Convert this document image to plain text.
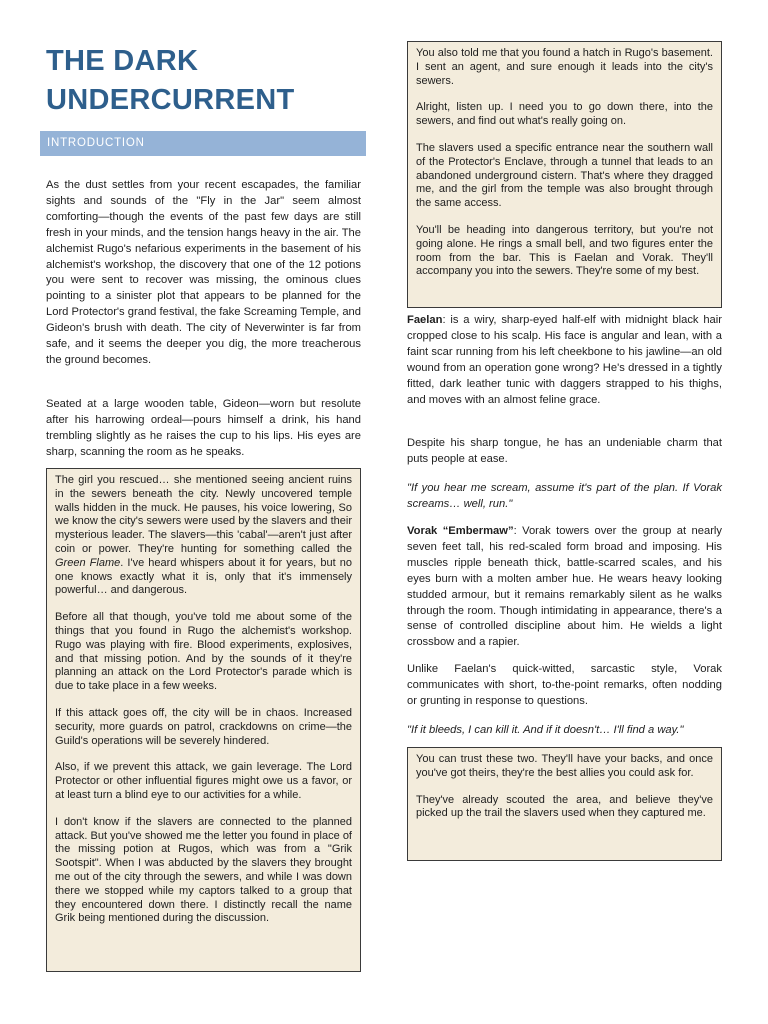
THE DARK
UNDERCURRENT
INTRODUCTION

As the dust settles from your recent escapades, the familiar sights and sounds of the "Fly in the Jar" seem almost comforting—though the events of the past few days are still fresh in your minds, and the tension hangs heavy in the air. The alchemist Rugo's nefarious experiments in the basement of his alchemist's workshop, the discovery that one of the 12 potions you were sent to recover was missing, the ominous clues pointing to a sinister plot that appears to be planned for the Lord Protector's grand festival, the fake Screaming Temple, and Gideon's brush with death. The city of Neverwinter is far from safe, and it seems the deeper you dig, the more treacherous the ground becomes.

Seated at a large wooden table, Gideon—worn but resolute after his harrowing ordeal—pours himself a drink, his hand trembling slightly as he raises the cup to his lips. His eyes are sharp, scanning the room as he speaks.

The girl you rescued… she mentioned seeing ancient ruins in the sewers beneath the city. Newly uncovered temple walls hidden in the muck. He pauses, his voice lowering, So we know the city's sewers were used by the slavers and their mysterious leader. The slavers—this 'cabal'—aren't just after coin or power. They're hunting for something called the Green Flame. I've heard whispers about it for years, but no one knows exactly what it is, only that it's immensely powerful… and dangerous.

Before all that though, you've told me about some of the things that you found in Rugo the alchemist's workshop. Rugo was playing with fire. Blood experiments, explosives, and that missing potion. And by the sounds of it they're planning an attack on the Lord Protector's parade which is due to take place in a few weeks.

If this attack goes off, the city will be in chaos. Increased security, more guards on patrol, crackdowns on crime—the Guild's operations will be severely hindered.

Also, if we prevent this attack, we gain leverage. The Lord Protector or other influential figures might owe us a favor, or at least turn a blind eye to our activities for a while.

I don't know if the slavers are connected to the planned attack. But you've showed me the letter you found in place of the missing potion at Rugos, which was from a "Grik Sootspit". When I was abducted by the slavers they brought me out of the city through the sewers, and while I was down there we stopped while my captors talked to a group that they encountered down there. I distinctly recall the name Grik being mentioned during the discussion.

You also told me that you found a hatch in Rugo's basement. I sent an agent, and sure enough it leads into the city's sewers.

Alright, listen up. I need you to go down there, into the sewers, and find out what's really going on.

The slavers used a specific entrance near the southern wall of the Protector's Enclave, through a tunnel that leads to an abandoned underground cistern. That's where they dragged me, and the girl from the temple was also brought through the same access.

You'll be heading into dangerous territory, but you're not going alone. He rings a small bell, and two figures enter the room from the bar. This is Faelan and Vorak. They'll accompany you into the sewers. They're some of my best.

Faelan: is a wiry, sharp-eyed half-elf with midnight black hair cropped close to his scalp. His face is angular and lean, with a faint scar running from his left cheekbone to his jawline—an old wound from an operation gone wrong? He's dressed in a tightly fitted, dark leather tunic with daggers strapped to his thighs, and moves with an almost feline grace.

Despite his sharp tongue, he has an undeniable charm that puts people at ease.

"If you hear me scream, assume it's part of the plan. If Vorak screams… well, run."

Vorak “Embermaw”: Vorak towers over the group at nearly seven feet tall, his red-scaled form broad and imposing. His muscles ripple beneath thick, battle-scarred scales, and his eyes burn with a molten amber hue. He wears heavy looking studded armour, but it remains remarkably silent as he walks through the room. Though intimidating in appearance, there's a sense of controlled discipline about him. He wields a light crossbow and a rapier.

Unlike Faelan's quick-witted, sarcastic style, Vorak communicates with short, to-the-point remarks, often nodding or grunting in response to questions.

"If it bleeds, I can kill it. And if it doesn't… I'll find a way."

You can trust these two. They'll have your backs, and once you've got theirs, they're the best allies you could ask for.

They've already scouted the area, and believe they've picked up the trail the slavers used when they captured me.
